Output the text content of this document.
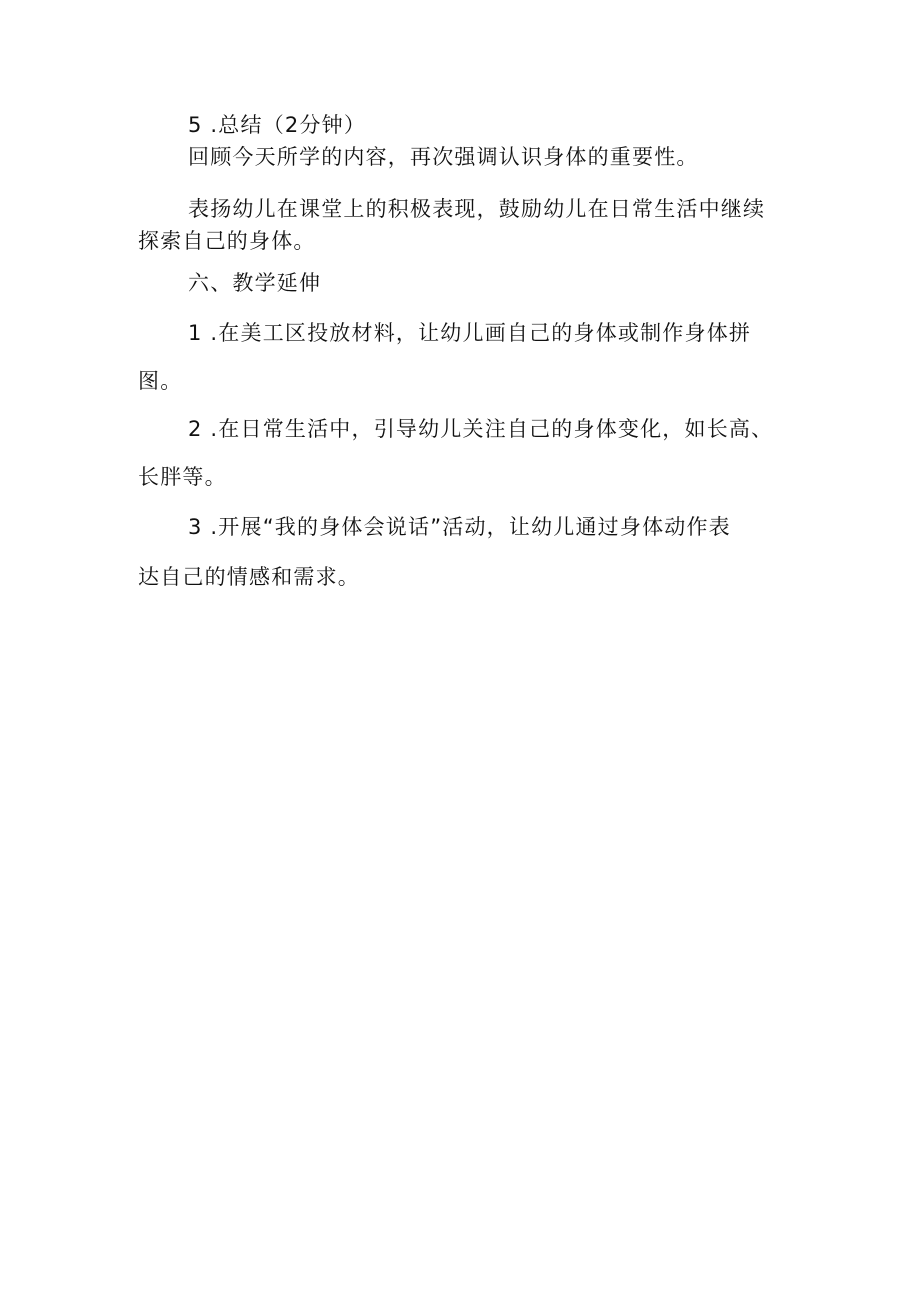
5 .总结（2分钟）
回顾今天所学的内容，再次强调认识身体的重要性。
表扬幼儿在课堂上的积极表现，鼓励幼儿在日常生活中继续
探索自己的身体。
六、教学延伸
1 .在美工区投放材料，让幼儿画自己的身体或制作身体拼
图。
2 .在日常生活中，引导幼儿关注自己的身体变化，如长高、
长胖等。
3 .开展“我的身体会说话”活动，让幼儿通过身体动作表
达自己的情感和需求。
